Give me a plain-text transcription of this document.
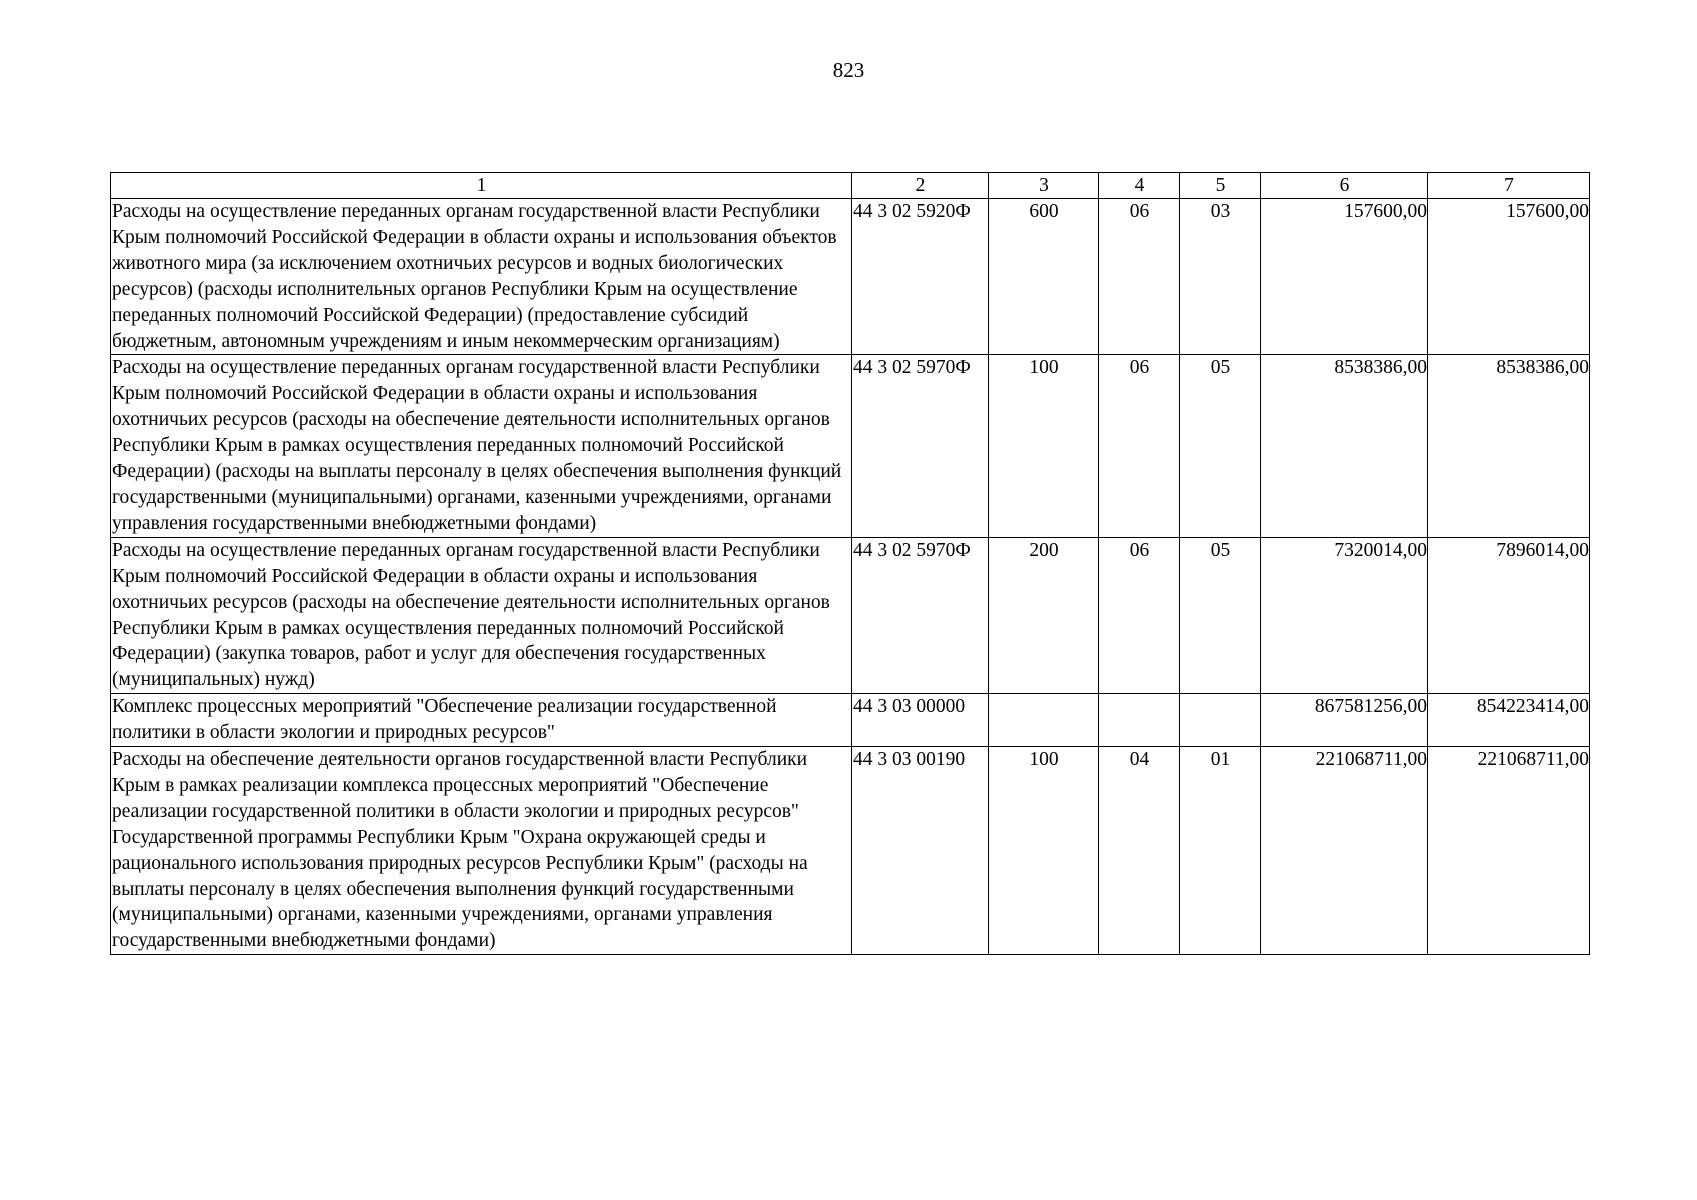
823
1	2	3	4	5	6	7
Расходы на осуществление переданных органам государственной власти Республики Крым полномочий Российской Федерации в области охраны и использования объектов животного мира (за исключением охотничьих ресурсов и водных биологических ресурсов) (расходы исполнительных органов Республики Крым на осуществление переданных полномочий Российской Федерации) (предоставление субсидий бюджетным, автономным учреждениям и иным некоммерческим организациям)	44 3 02 5920Ф	600	06	03	157600,00	157600,00
Расходы на осуществление переданных органам государственной власти Республики Крым полномочий Российской Федерации в области охраны и использования охотничьих ресурсов (расходы на обеспечение деятельности исполнительных органов Республики Крым в рамках осуществления переданных полномочий Российской Федерации) (расходы на выплаты персоналу в целях обеспечения выполнения функций государственными (муниципальными) органами, казенными учреждениями, органами управления государственными внебюджетными фондами)	44 3 02 5970Ф	100	06	05	8538386,00	8538386,00
Расходы на осуществление переданных органам государственной власти Республики Крым полномочий Российской Федерации в области охраны и использования охотничьих ресурсов (расходы на обеспечение деятельности исполнительных органов Республики Крым в рамках осуществления переданных полномочий Российской Федерации) (закупка товаров, работ и услуг для обеспечения государственных (муниципальных) нужд)	44 3 02 5970Ф	200	06	05	7320014,00	7896014,00
Комплекс процессных мероприятий "Обеспечение реализации государственной политики в области экологии и природных ресурсов"	44 3 03 00000				867581256,00	854223414,00
Расходы на обеспечение деятельности органов государственной власти Республики Крым в рамках реализации комплекса процессных мероприятий "Обеспечение реализации государственной политики в области экологии и природных ресурсов" Государственной программы Республики Крым "Охрана окружающей среды и рационального использования природных ресурсов Республики Крым" (расходы на выплаты персоналу в целях обеспечения выполнения функций государственными (муниципальными) органами, казенными учреждениями, органами управления государственными внебюджетными фондами)	44 3 03 00190	100	04	01	221068711,00	221068711,00
